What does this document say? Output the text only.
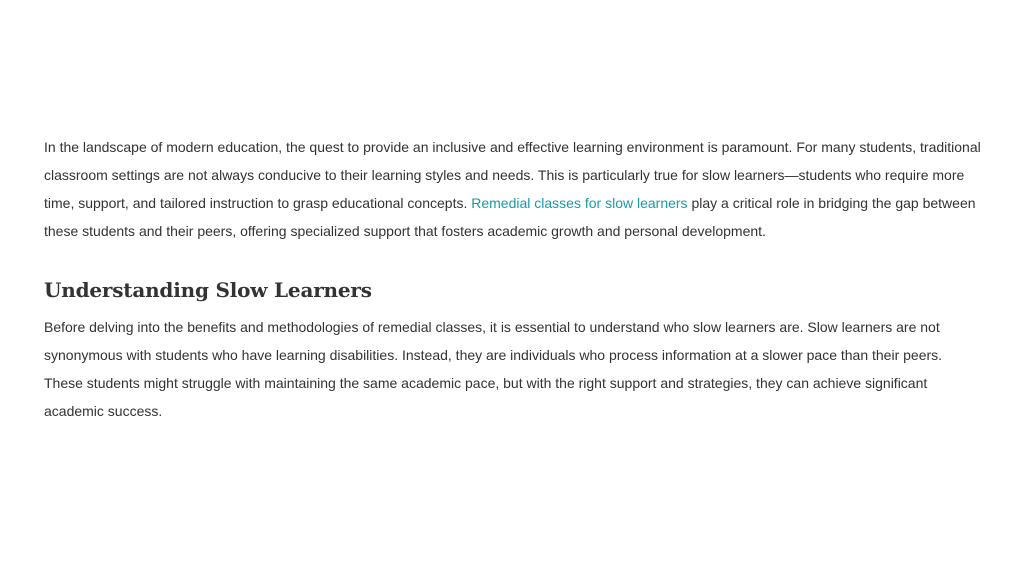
In the landscape of modern education, the quest to provide an inclusive and effective learning environment is paramount. For many students, traditional classroom settings are not always conducive to their learning styles and needs. This is particularly true for slow learners—students who require more time, support, and tailored instruction to grasp educational concepts. Remedial classes for slow learners play a critical role in bridging the gap between these students and their peers, offering specialized support that fosters academic growth and personal development.

Understanding Slow Learners

Before delving into the benefits and methodologies of remedial classes, it is essential to understand who slow learners are. Slow learners are not synonymous with students who have learning disabilities. Instead, they are individuals who process information at a slower pace than their peers. These students might struggle with maintaining the same academic pace, but with the right support and strategies, they can achieve significant academic success.
